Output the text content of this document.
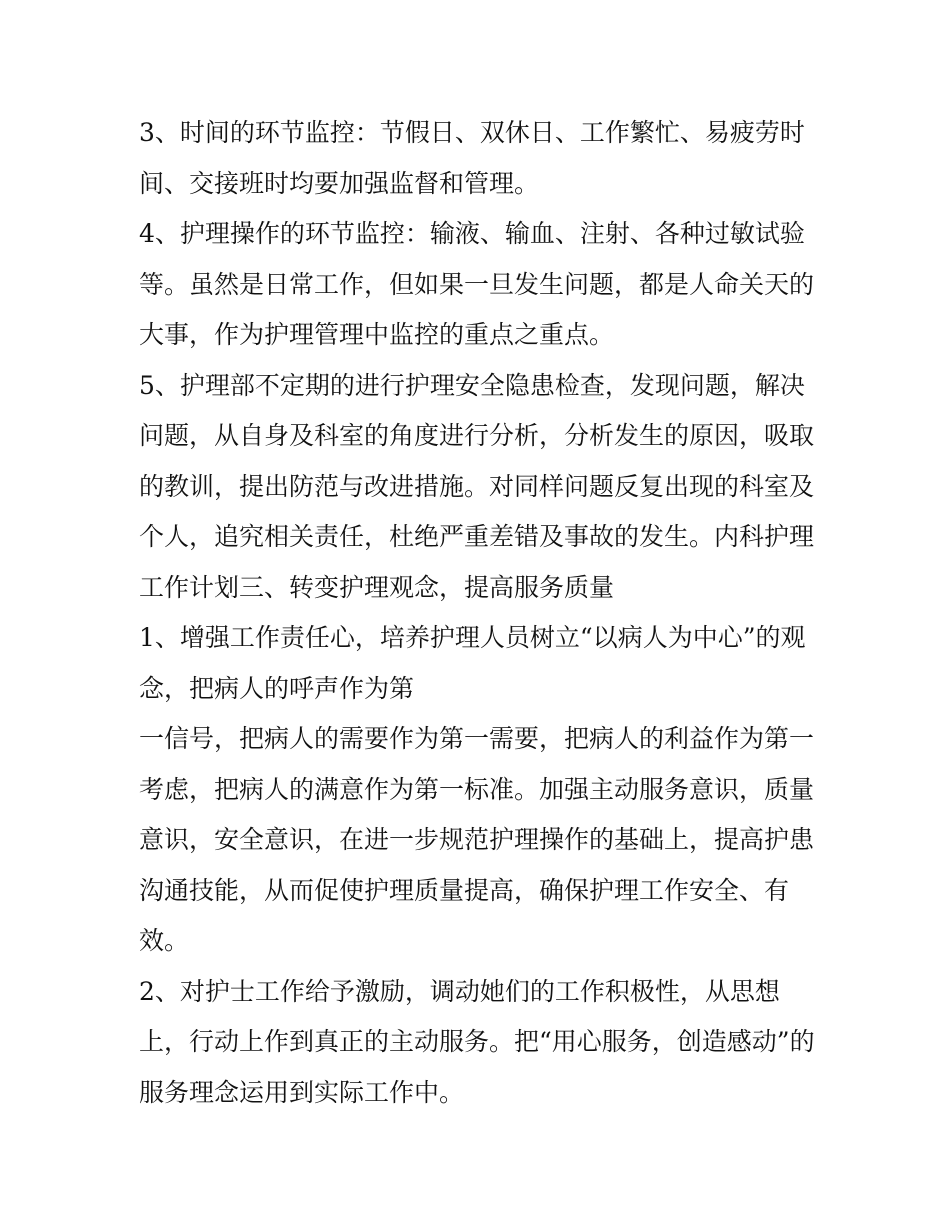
3、时间的环节监控：节假日、双休日、工作繁忙、易疲劳时
间、交接班时均要加强监督和管理。
4、护理操作的环节监控：输液、输血、注射、各种过敏试验
等。虽然是日常工作，但如果一旦发生问题，都是人命关天的
大事，作为护理管理中监控的重点之重点。
5、护理部不定期的进行护理安全隐患检查，发现问题，解决
问题，从自身及科室的角度进行分析，分析发生的原因，吸取
的教训，提出防范与改进措施。对同样问题反复出现的科室及
个人，追究相关责任，杜绝严重差错及事故的发生。内科护理
工作计划三、转变护理观念，提高服务质量
1、增强工作责任心，培养护理人员树立“以病人为中心”的观
念，把病人的呼声作为第
一信号，把病人的需要作为第一需要，把病人的利益作为第一
考虑，把病人的满意作为第一标准。加强主动服务意识，质量
意识，安全意识，在进一步规范护理操作的基础上，提高护患
沟通技能，从而促使护理质量提高，确保护理工作安全、有
效。
2、对护士工作给予激励，调动她们的工作积极性，从思想
上，行动上作到真正的主动服务。把“用心服务，创造感动”的
服务理念运用到实际工作中。
